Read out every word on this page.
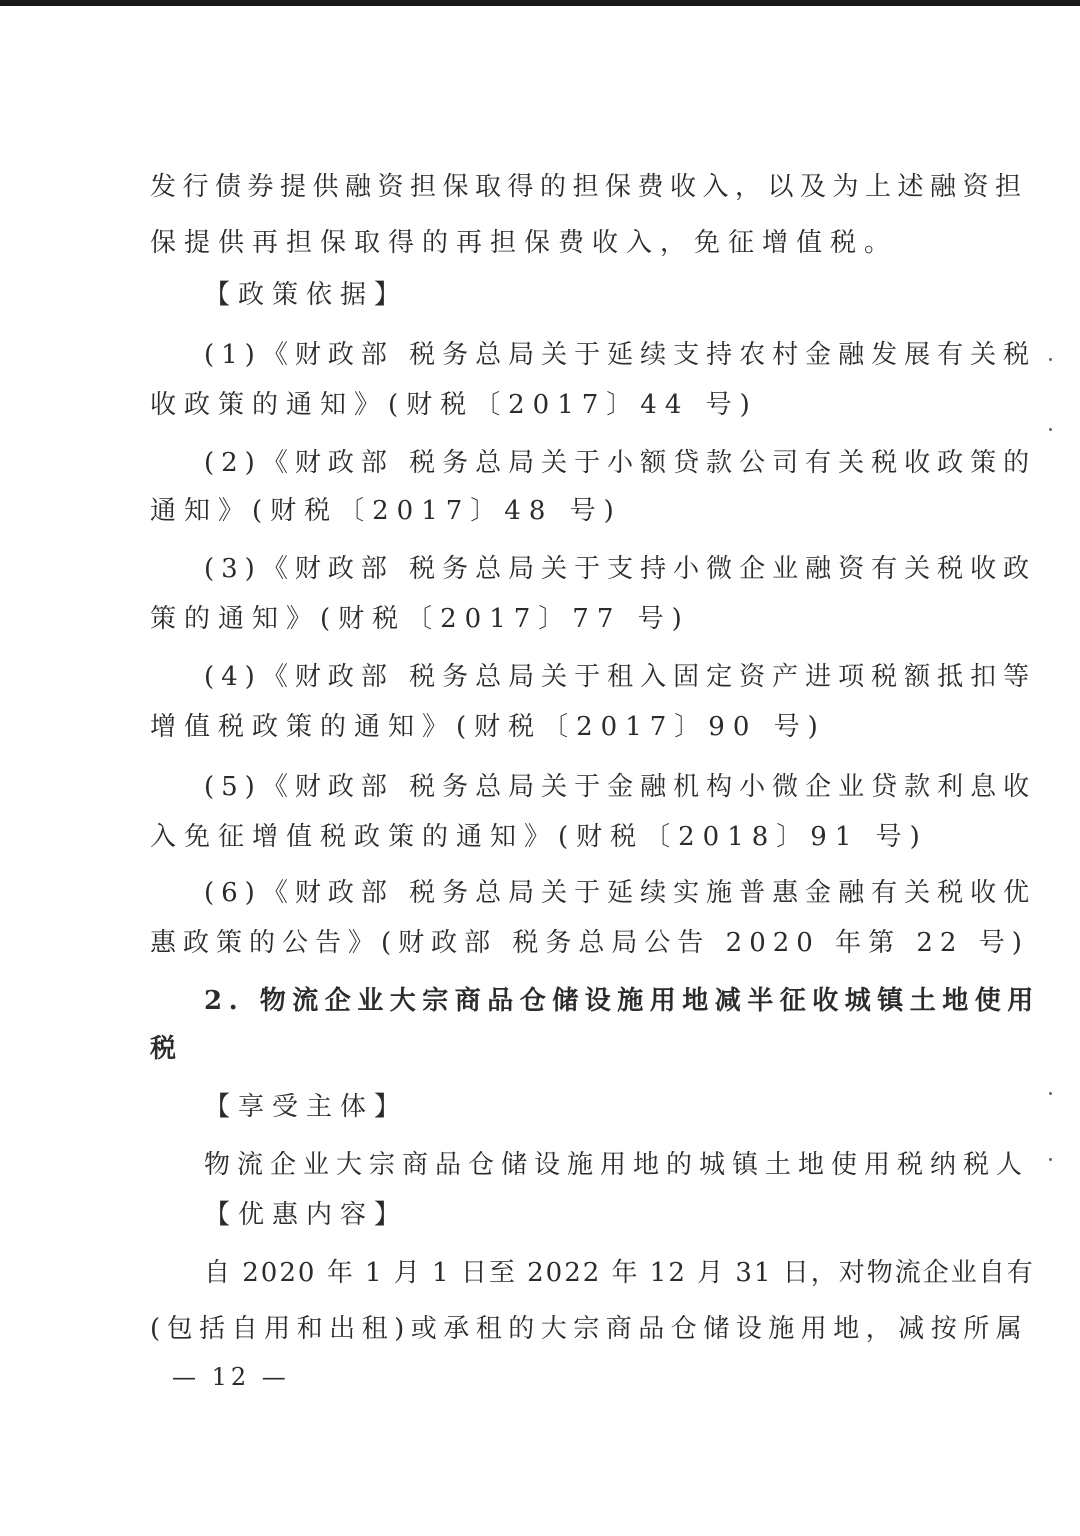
发行债券提供融资担保取得的担保费收入，以及为上述融资担
保提供再担保取得的再担保费收入，免征增值税。
【政策依据】
(1)《财政部 税务总局关于延续支持农村金融发展有关税
收政策的通知》(财税〔2017〕44 号)
(2)《财政部 税务总局关于小额贷款公司有关税收政策的
通知》(财税〔2017〕48 号)
(3)《财政部 税务总局关于支持小微企业融资有关税收政
策的通知》(财税〔2017〕77 号)
(4)《财政部 税务总局关于租入固定资产进项税额抵扣等
增值税政策的通知》(财税〔2017〕90 号)
(5)《财政部 税务总局关于金融机构小微企业贷款利息收
入免征增值税政策的通知》(财税〔2018〕91 号)
(6)《财政部 税务总局关于延续实施普惠金融有关税收优
惠政策的公告》(财政部 税务总局公告 2020 年第 22 号)
2. 物流企业大宗商品仓储设施用地减半征收城镇土地使用
税
【享受主体】
物流企业大宗商品仓储设施用地的城镇土地使用税纳税人
【优惠内容】
自 2020 年 1 月 1 日至 2022 年 12 月 31 日，对物流企业自有
(包括自用和出租)或承租的大宗商品仓储设施用地，减按所属
— 12 —
